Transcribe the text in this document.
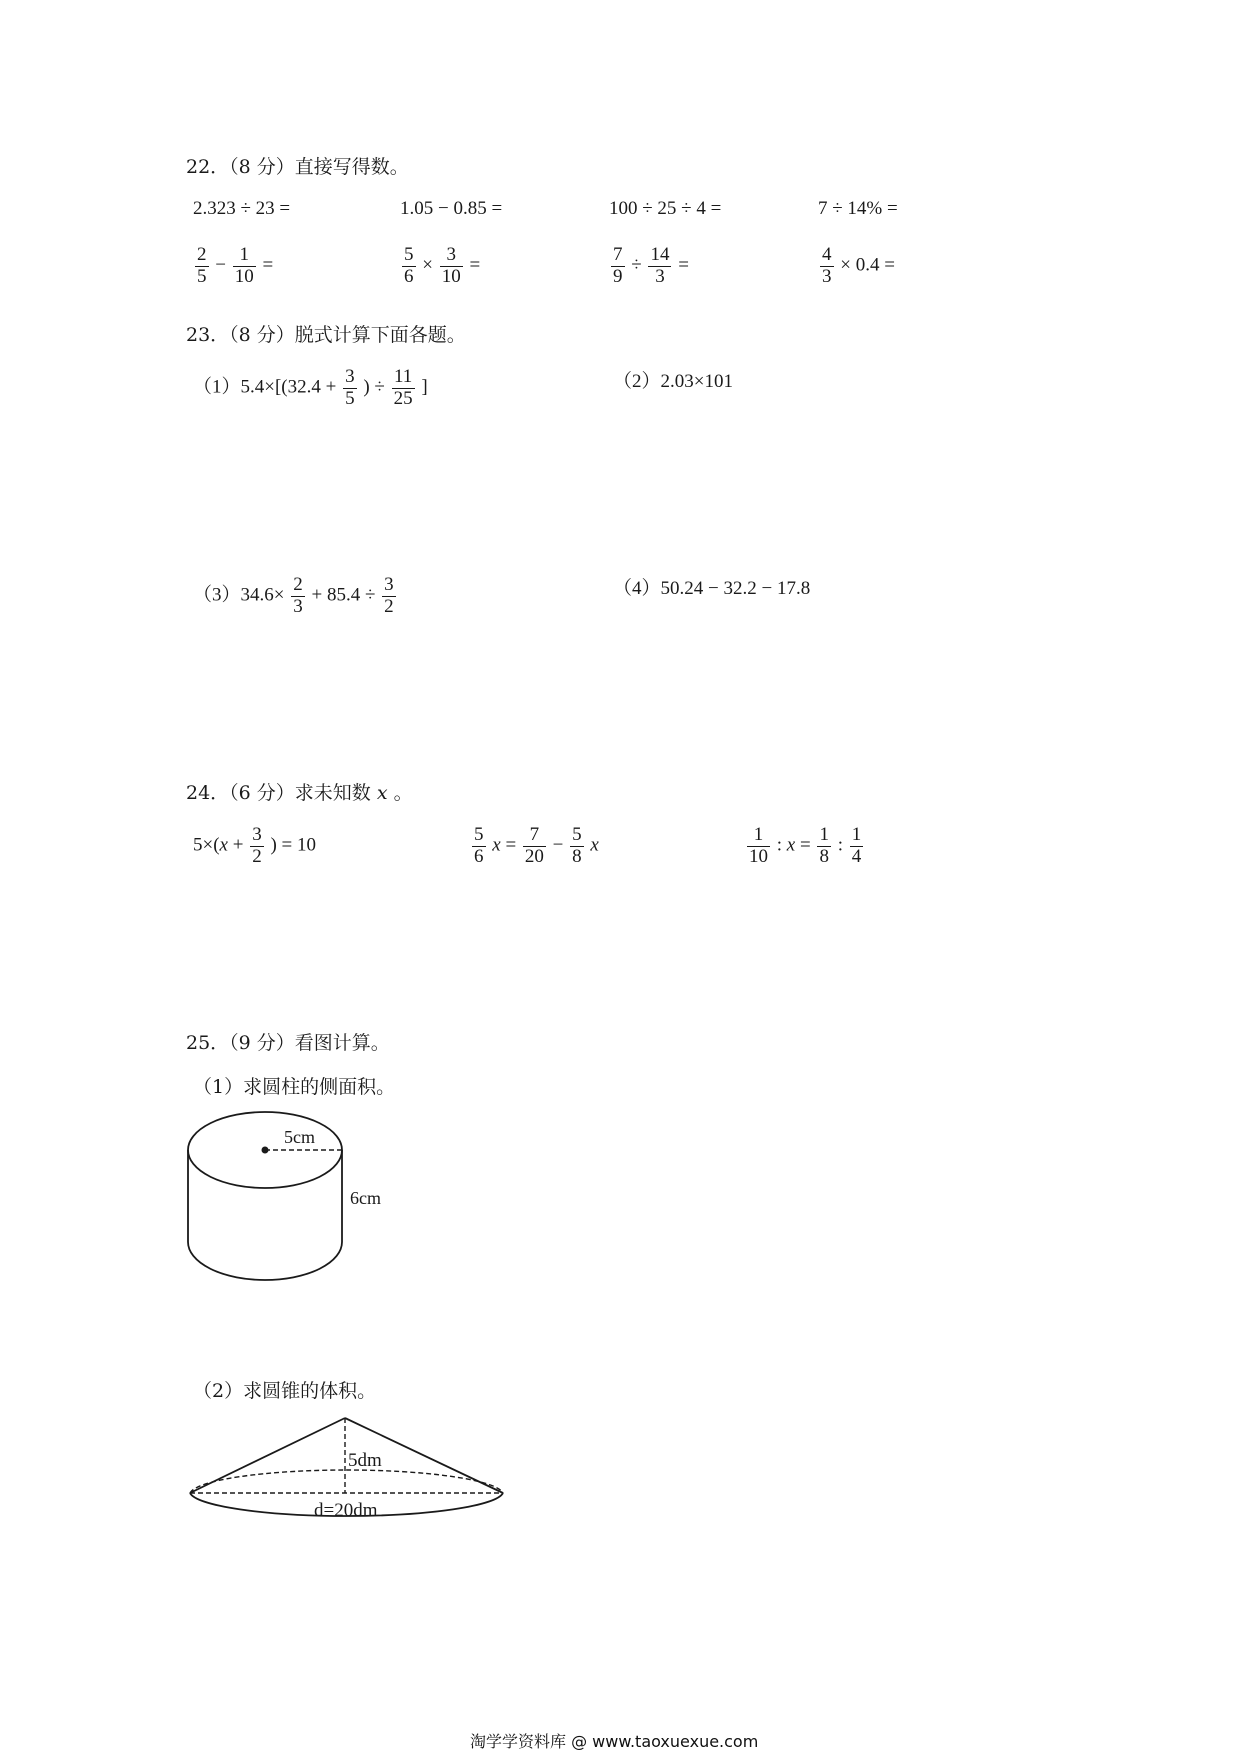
22．（8 分）直接写得数。
2.323 ÷ 23 =	1.05 − 0.85 =	100 ÷ 25 ÷ 4 =	7 ÷ 14% =
$\frac{2}{5} - \frac{1}{10}$ =	$\frac{5}{6} \times \frac{3}{10}$ =	$\frac{7}{9} \div \frac{14}{3}$ =	$\frac{4}{3} \times 0.4$ =
23．（8 分）脱式计算下面各题。
$(1)5.4\times[(32.4 + \frac{3}{5}$ ) ÷ $\frac{11}{25}$ ]	（2）2.03×101
$(3)34.6\times \frac{2}{3} + 85.4 \div \frac{3}{2}$	（4）50.24 − 32.2 − 17.8
24．（6 分）求未知数 x 。
$5\times(x + \frac{3}{2}$ ) = 10	$\frac{5}{6}$ $x = \frac{7}{20} - \frac{5}{8}$ x	$\frac{1}{10}$ : $x = \frac{1}{8}$ : $\frac{1}{4}$
25．（9 分）看图计算。
（1）求圆柱的侧面积。
5cm
6cm
（2）求圆锥的体积。
5dm
d=20dm
淘学学资料库 @ www.taoxuexue.com
